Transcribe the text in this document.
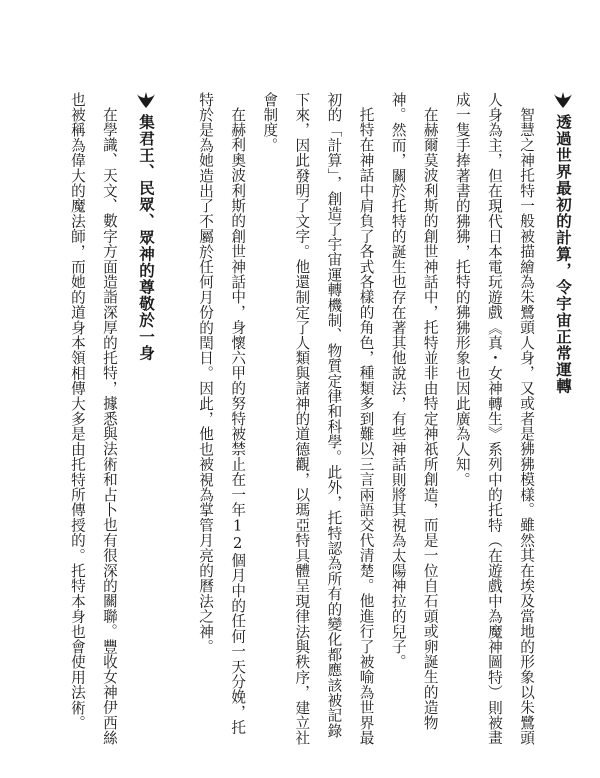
透過世界最初的計算，令宇宙正常運轉

智慧之神托特一般被描繪為朱鷺頭人身，又或者是狒狒模樣。雖然其在埃及當地的形象以朱鷺頭人身為主，但在現代日本電玩遊戲《真・女神轉生》系列中的托特（在遊戲中為魔神圖特）則被畫成一隻手捧著書的狒狒，托特的狒狒形象也因此廣為人知。

在赫爾莫波利斯的創世神話中，托特並非由特定神祇所創造，而是一位自石頭或卵誕生的造物神。然而，關於托特的誕生也存在著其他說法，有些神話則將其視為太陽神拉的兒子。

托特在神話中肩負了各式各樣的角色，種類多到難以三言兩語交代清楚。他進行了被喻為世界最初的「計算」，創造了宇宙運轉機制、物質定律和科學。此外，托特認為所有的變化都應該被記錄下來，因此發明了文字。他還制定了人類與諸神的道德觀，以瑪亞特具體呈現律法與秩序，建立社會制度。

在赫利奧波利斯的創世神話中，身懷六甲的努特被禁止在一年12個月中的任何一天分娩，托特於是為她造出了不屬於任何月份的閏日。因此，他也被視為掌管月亮的曆法之神。

集君王、民眾、眾神的尊敬於一身

在學識、天文、數字方面造詣深厚的托特，據悉與法術和占卜也有很深的關聯。豐收女神伊西絲也被稱為偉大的魔法師，而她的道身本領相傳大多是由托特所傳授的。托特本身也會使用法術。
